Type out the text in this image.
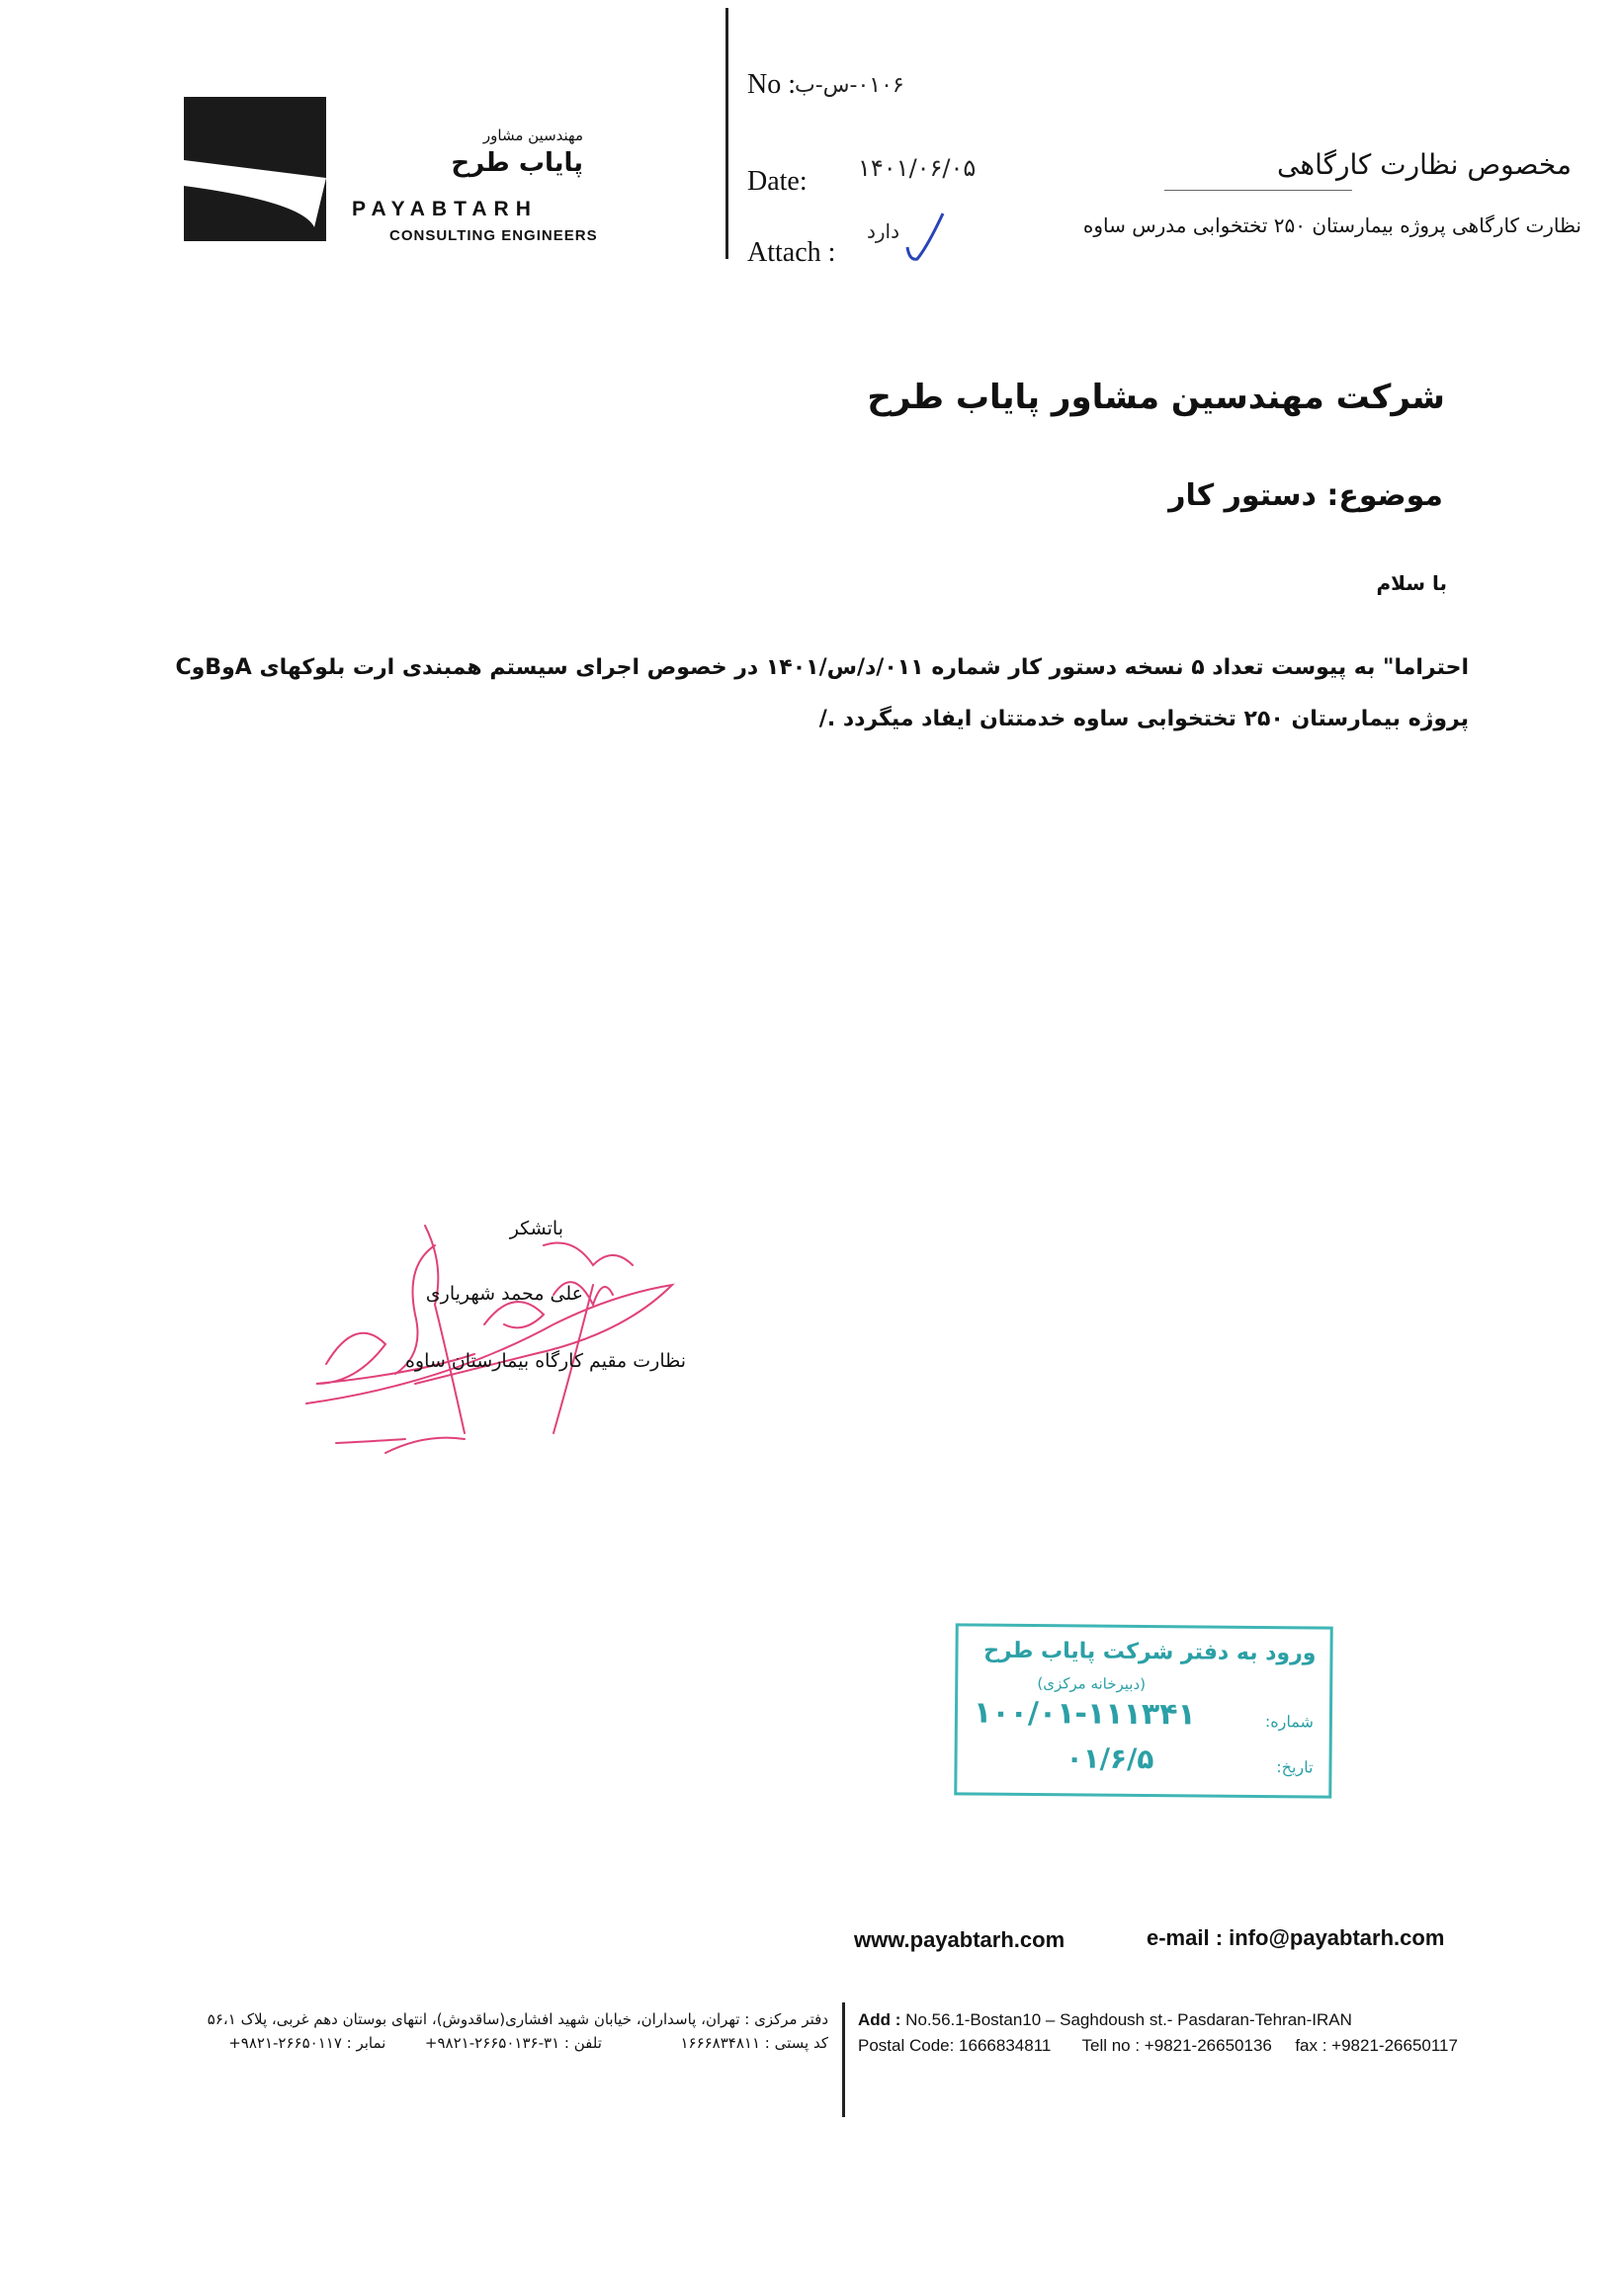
مهندسین مشاور
پایاب طرح
PAYABTARH
CONSULTING ENGINEERS
No : ۰۱۰۶-س-ب
Date: ۱۴۰۱/۰۶/۰۵
Attach :
دارد
مخصوص نظارت کارگاهی
نظارت کارگاهی پروژه بیمارستان ۲۵۰ تختخوابی مدرس ساوه
شرکت مهندسین مشاور پایاب طرح
موضوع: دستور کار
با سلام
احتراما" به پیوست تعداد ۵ نسخه دستور کار شماره ۰۱۱/د/س/۱۴۰۱ در خصوص اجرای سیستم همبندی ارت بلوکهای AوBوC
پروژه بیمارستان ۲۵۰ تختخوابی ساوه خدمتتان ایفاد میگردد ./
باتشکر
علی محمد شهریاری
نظارت مقیم کارگاه بیمارستان ساوه
ورود به دفتر شرکت پایاب طرح
(دبیرخانه مرکزی)
شماره:
۱۰۰/۰۱-۱۱۱۳۴۱
تاریخ:
۰۱/۶/۵
www.payabtarh.com	e-mail : info@payabtarh.com
Add : No.56.1-Bostan10 – Saghdoush st.- Pasdaran-Tehran-IRAN
Postal Code: 1666834811 Tell no : +9821-26650136 fax : +9821-26650117
دفتر مرکزی : تهران، پاسداران، خیابان شهید افشاری(ساقدوش)، انتهای بوستان دهم غربی، پلاک ۵۶،۱
کد پستی : ۱۶۶۶۸۳۴۸۱۱  تلفن : ۳۱-۲۶۶۵۰۱۳۶-۹۸۲۱+  نمابر : ۲۶۶۵۰۱۱۷-۹۸۲۱+
